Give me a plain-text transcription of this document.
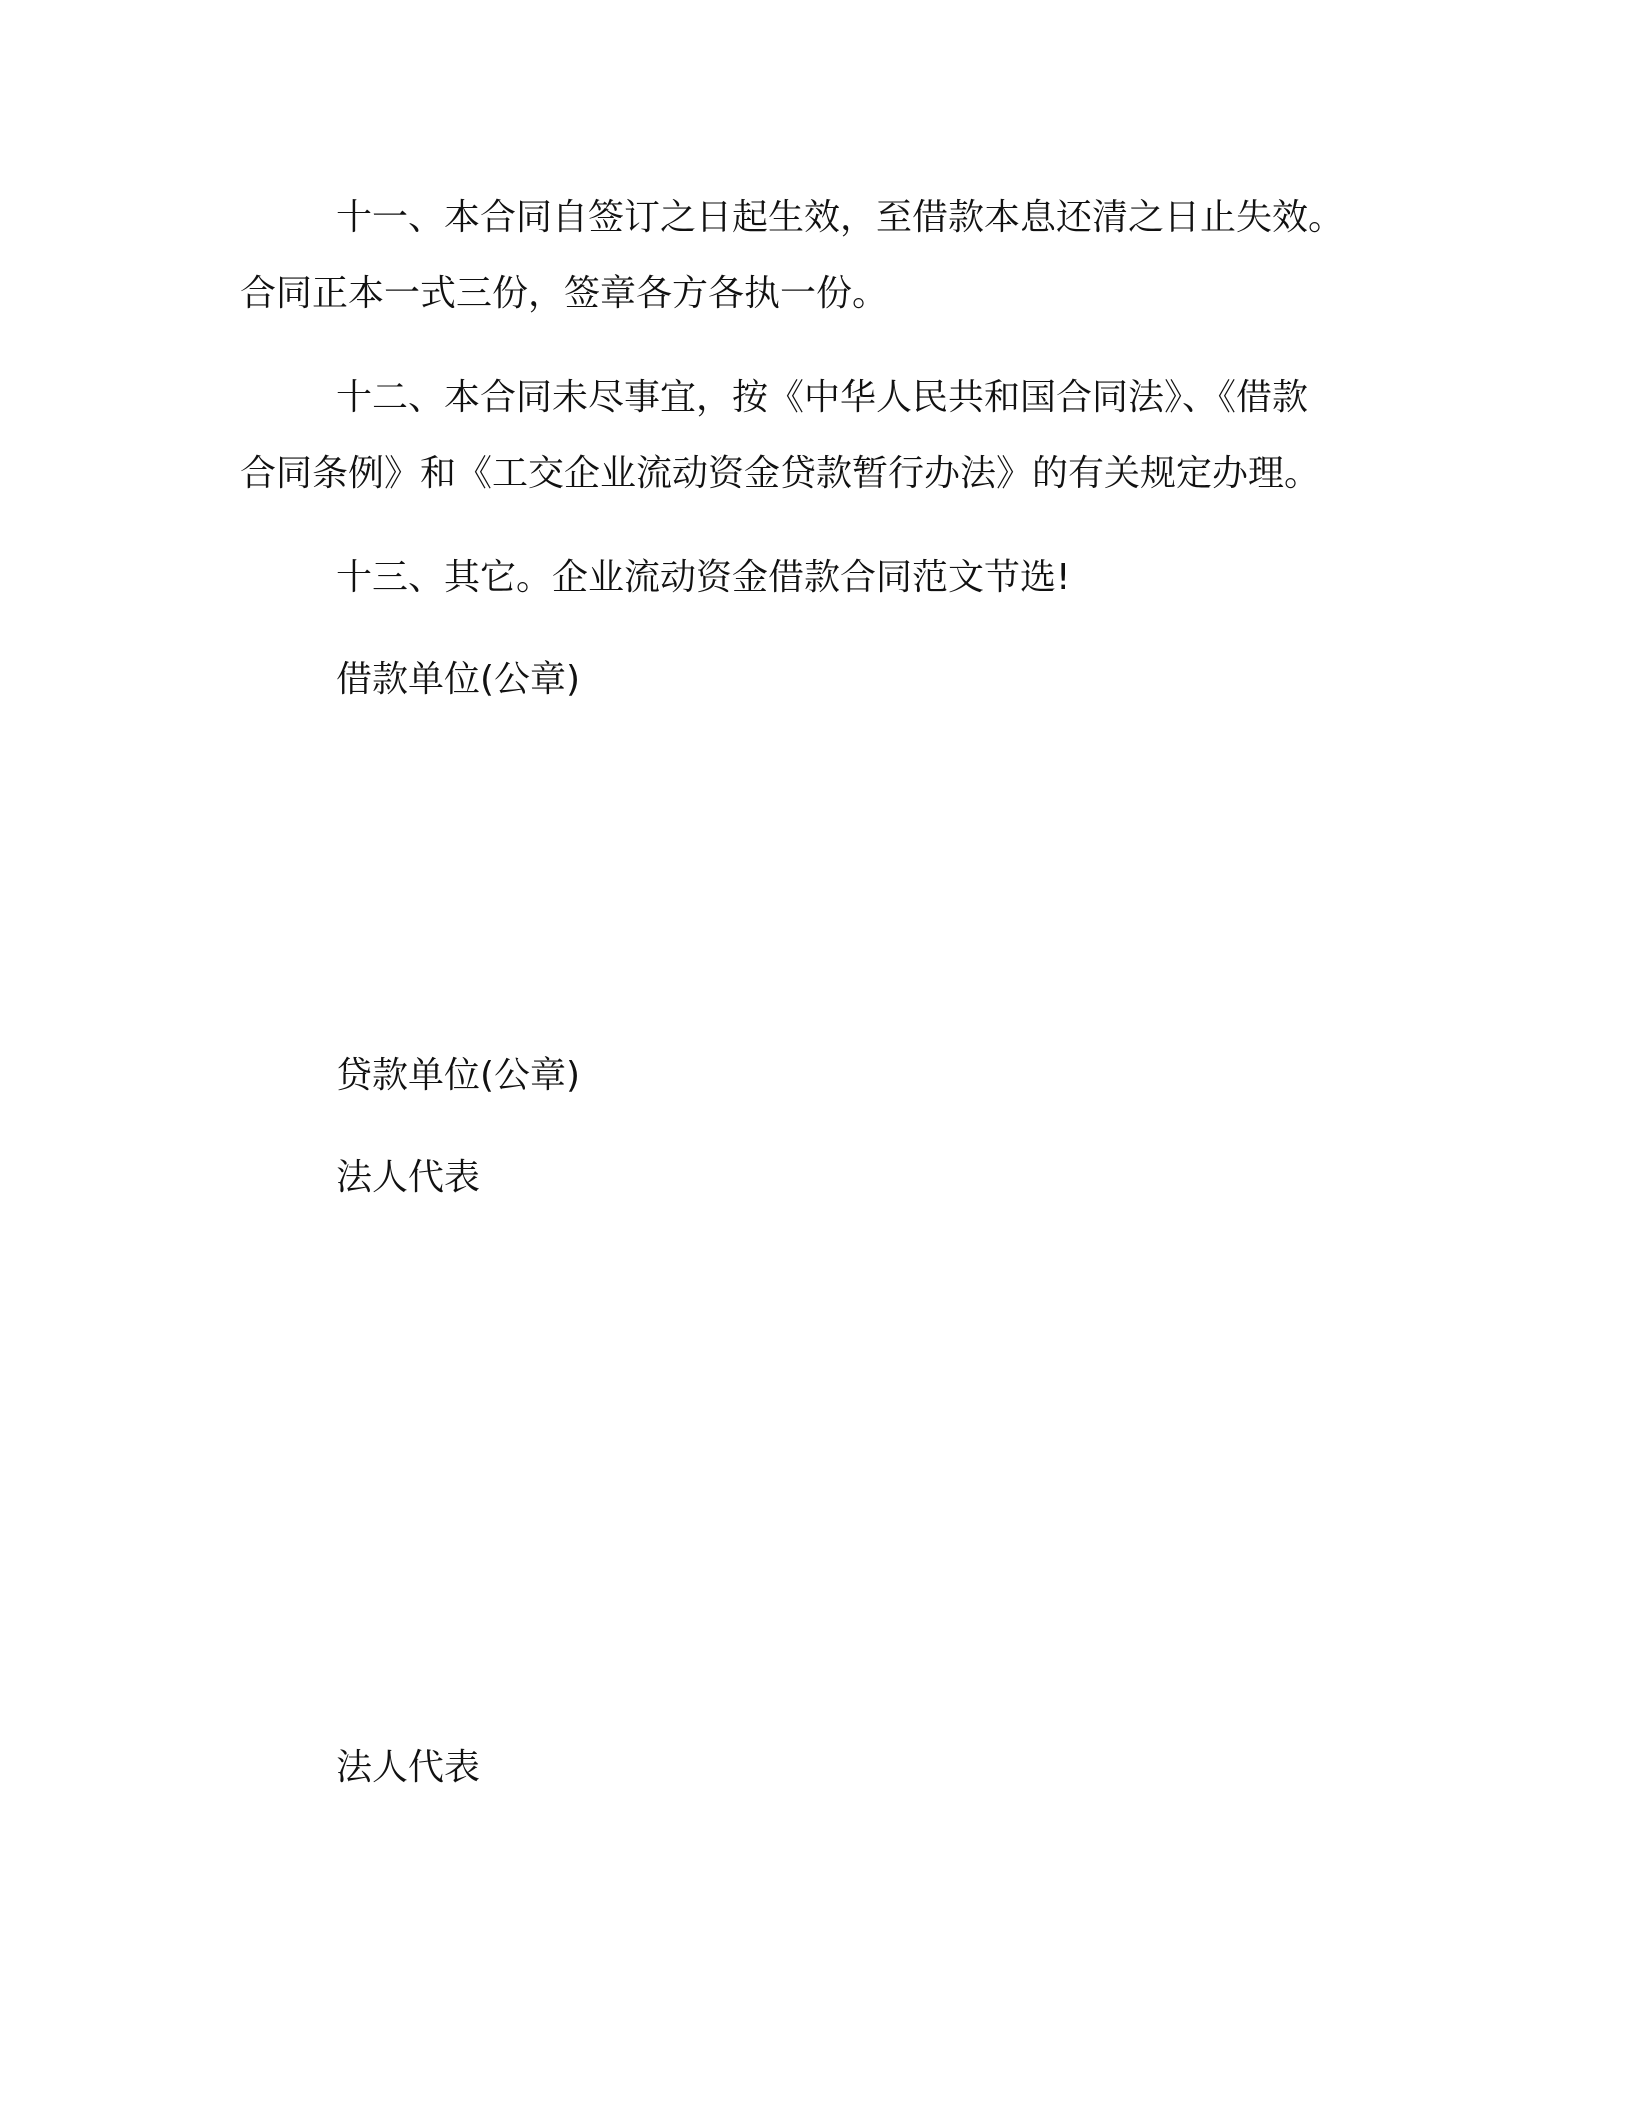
十一、本合同自签订之日起生效，至借款本息还清之日止失效。

合同正本一式三份，签章各方各执一份。

十二、本合同未尽事宜，按《中华人民共和国合同法》、《借款

合同条例》和《工交企业流动资金贷款暂行办法》的有关规定办理。

十三、其它。企业流动资金借款合同范文节选!

借款单位(公章)

贷款单位(公章)

法人代表

法人代表
